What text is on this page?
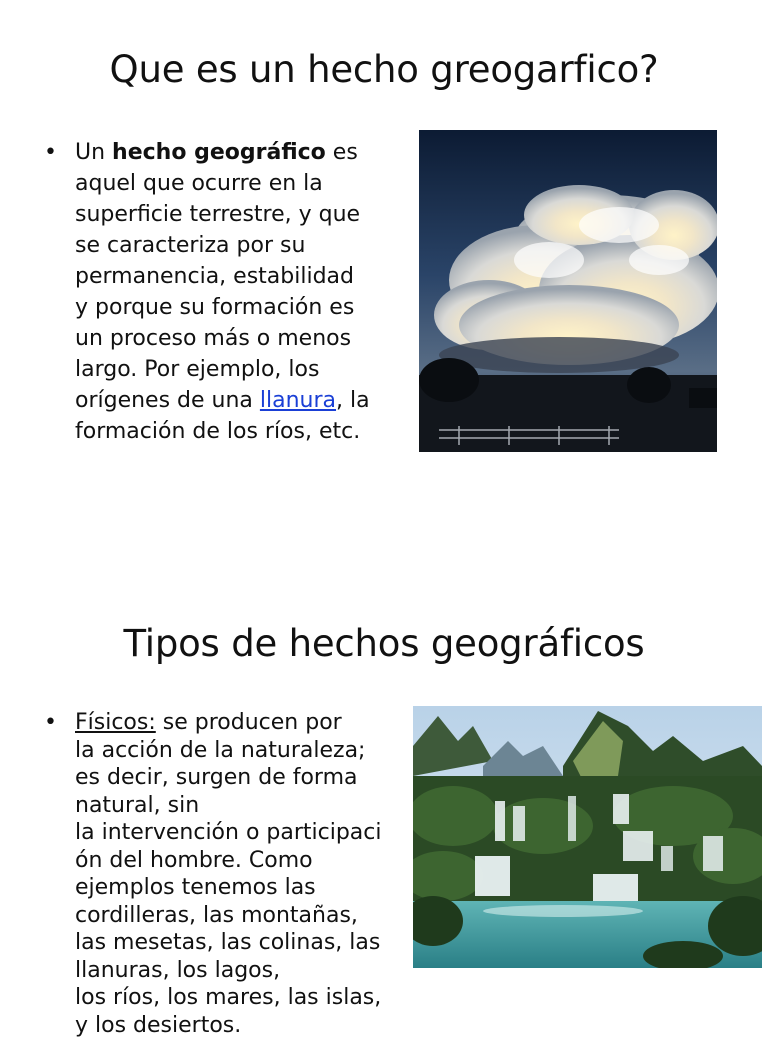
Que es un hecho greogarfico?
• Un hecho geográfico es
aquel que ocurre en la
superficie terrestre, y que
se caracteriza por su
permanencia, estabilidad
y porque su formación es
un proceso más o menos
largo. Por ejemplo, los
orígenes de una llanura, la
formación de los ríos, etc.
Tipos de hechos geográficos
• Físicos: se producen por
la acción de la naturaleza;
es decir, surgen de forma
natural, sin
la intervención o participaci
ón del hombre. Como
ejemplos tenemos las
cordilleras, las montañas,
las mesetas, las colinas, las
llanuras, los lagos,
los ríos, los mares, las islas,
y los desiertos.
